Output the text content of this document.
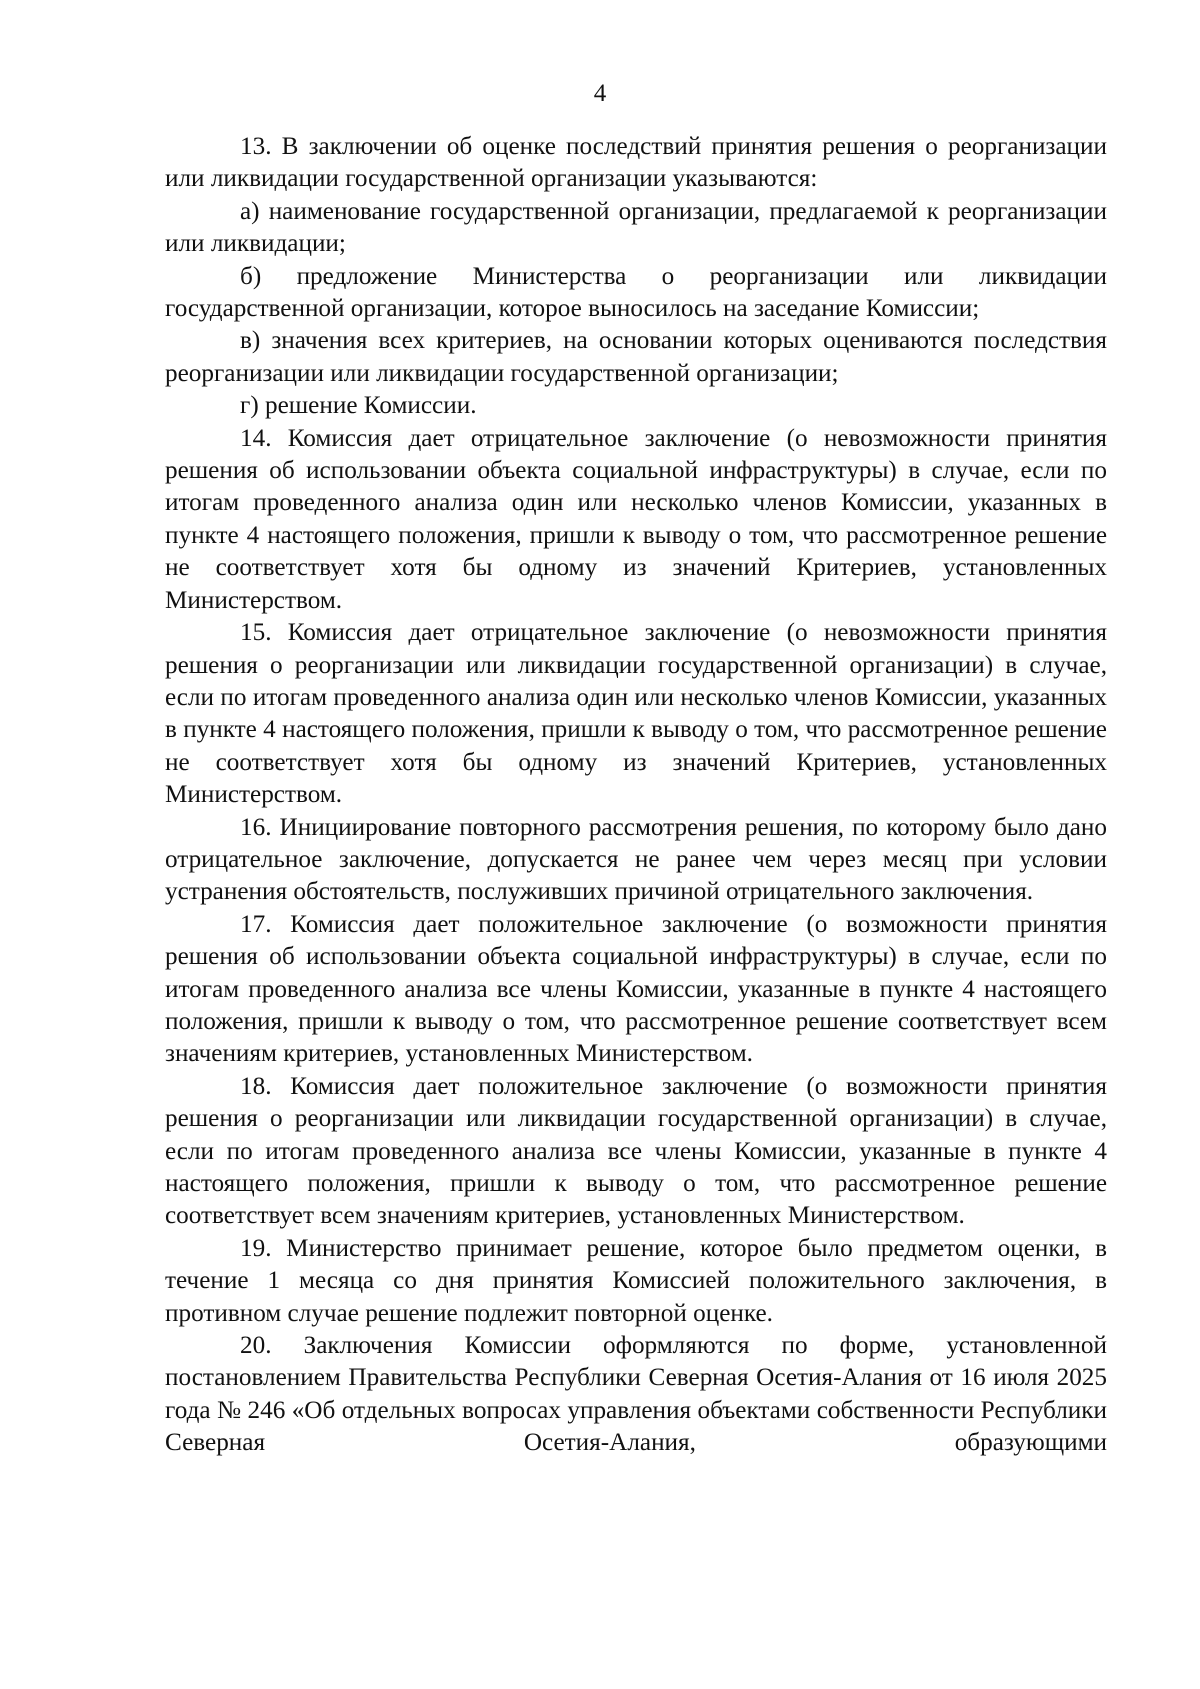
4

13. В заключении об оценке последствий принятия решения о реорганизации или ликвидации государственной организации указываются:

а) наименование государственной организации, предлагаемой к реорганизации или ликвидации;

б) предложение Министерства о реорганизации или ликвидации государственной организации, которое выносилось на заседание Комиссии;

в) значения всех критериев, на основании которых оцениваются последствия реорганизации или ликвидации государственной организации;

г) решение Комиссии.

14. Комиссия дает отрицательное заключение (о невозможности принятия решения об использовании объекта социальной инфраструктуры) в случае, если по итогам проведенного анализа один или несколько членов Комиссии, указанных в пункте 4 настоящего положения, пришли к выводу о том, что рассмотренное решение не соответствует хотя бы одному из значений Критериев, установленных Министерством.

15. Комиссия дает отрицательное заключение (о невозможности принятия решения о реорганизации или ликвидации государственной организации) в случае, если по итогам проведенного анализа один или несколько членов Комиссии, указанных в пункте 4 настоящего положения, пришли к выводу о том, что рассмотренное решение не соответствует хотя бы одному из значений Критериев, установленных Министерством.

16. Инициирование повторного рассмотрения решения, по которому было дано отрицательное заключение, допускается не ранее чем через месяц при условии устранения обстоятельств, послуживших причиной отрицательного заключения.

17. Комиссия дает положительное заключение (о возможности принятия решения об использовании объекта социальной инфраструктуры) в случае, если по итогам проведенного анализа все члены Комиссии, указанные в пункте 4 настоящего положения, пришли к выводу о том, что рассмотренное решение соответствует всем значениям критериев, установленных Министерством.

18. Комиссия дает положительное заключение (о возможности принятия решения о реорганизации или ликвидации государственной организации) в случае, если по итогам проведенного анализа все члены Комиссии, указанные в пункте 4 настоящего положения, пришли к выводу о том, что рассмотренное решение соответствует всем значениям критериев, установленных Министерством.

19. Министерство принимает решение, которое было предметом оценки, в течение 1 месяца со дня принятия Комиссией положительного заключения, в противном случае решение подлежит повторной оценке.

20. Заключения Комиссии оформляются по форме, установленной постановлением Правительства Республики Северная Осетия-Алания от 16 июля 2025 года № 246 «Об отдельных вопросах управления объектами собственности Республики Северная Осетия-Алания, образующими
